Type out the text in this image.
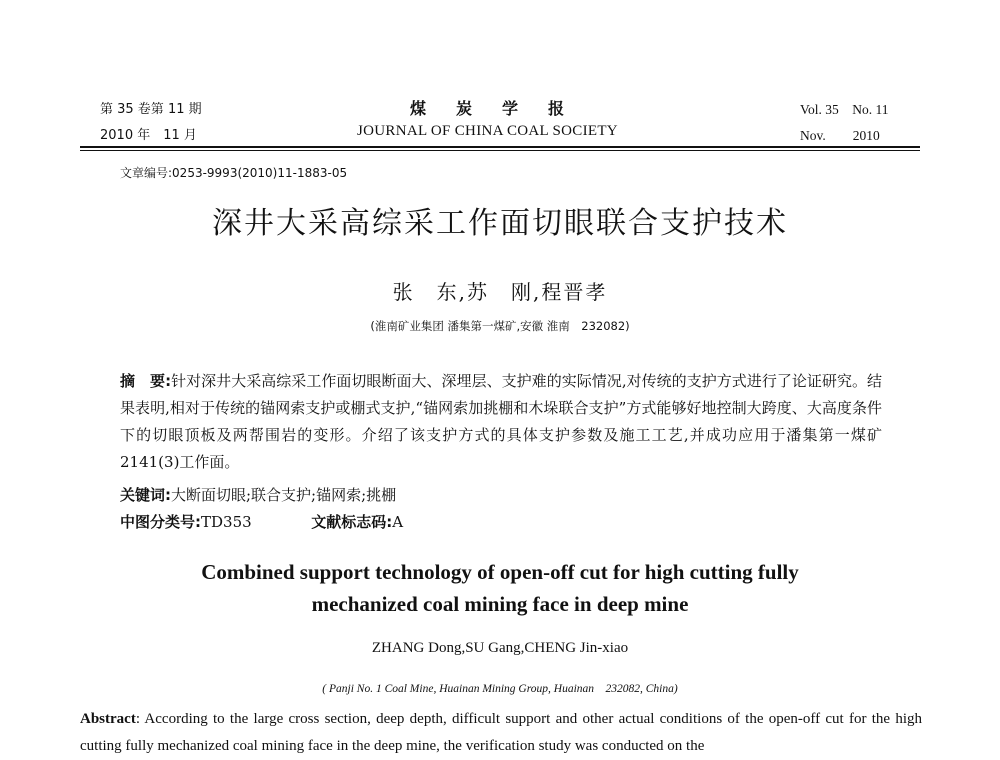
第 35 卷第 11 期
2010 年　11 月
煤炭学报
JOURNAL OF CHINA COAL SOCIETY
Vol. 35　No. 11
Nov.　　2010
文章编号:0253-9993(2010)11-1883-05
深井大采高综采工作面切眼联合支护技术
张　东,苏　刚,程晋孝
(淮南矿业集团 潘集第一煤矿,安徽 淮南　232082)
摘　要:针对深井大采高综采工作面切眼断面大、深埋层、支护难的实际情况,对传统的支护方式进行了论证研究。结果表明,相对于传统的锚网索支护或棚式支护,“锚网索加挑棚和木垛联合支护”方式能够好地控制大跨度、大高度条件下的切眼顶板及两帮围岩的变形。介绍了该支护方式的具体支护参数及施工工艺,并成功应用于潘集第一煤矿 2141(3)工作面。
关键词:大断面切眼;联合支护;锚网索;挑棚
中图分类号:TD353	文献标志码:A
Combined support technology of open-off cut for high cutting fully
mechanized coal mining face in deep mine
ZHANG Dong,SU Gang,CHENG Jin-xiao
( Panji No. 1 Coal Mine, Huainan Mining Group, Huainan　232082, China)
Abstract: According to the large cross section, deep depth, difficult support and other actual conditions of the open-off cut for the high cutting fully mechanized coal mining face in the deep mine, the verification study was conducted on the
